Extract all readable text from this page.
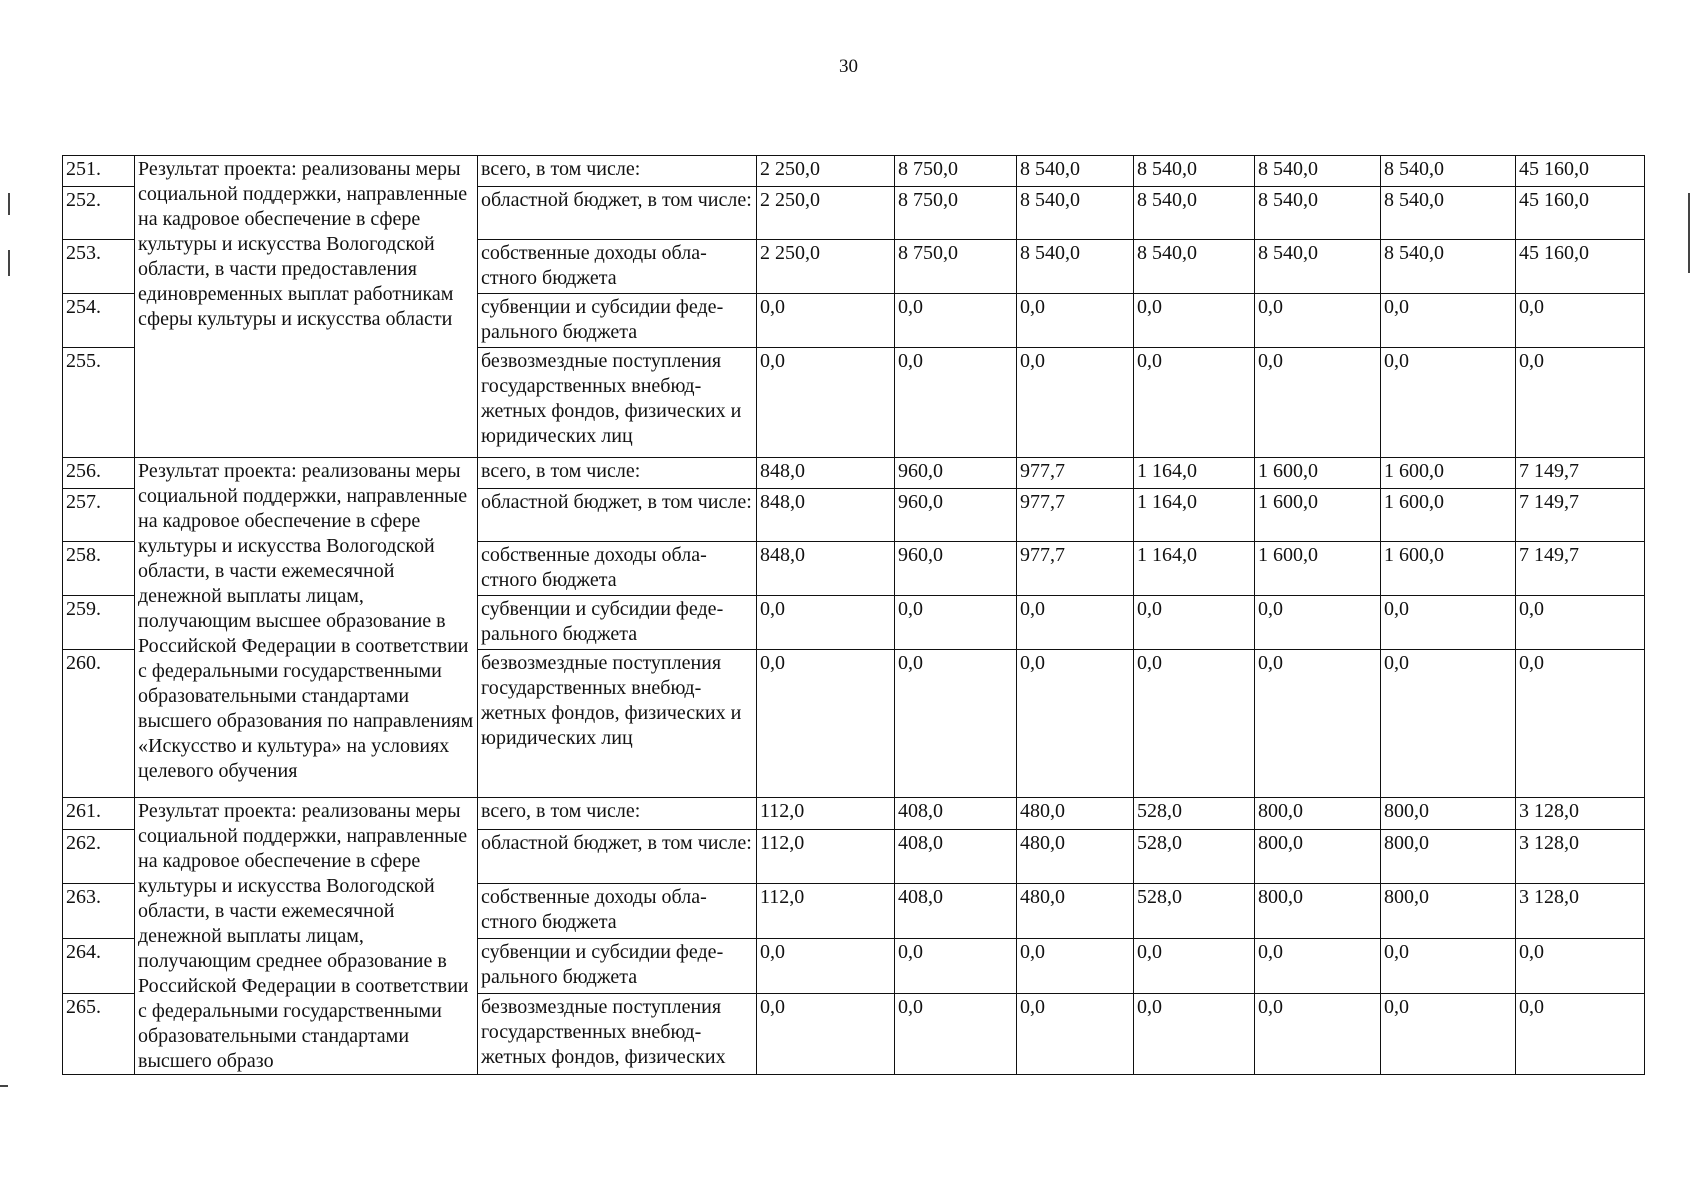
30
251.	Результат проекта: реализованы меры социальной поддержки, направленные на кадровое обеспечение в сфере культуры и искусства Вологодской области, в части предоставления единовременных выплат работникам сферы культуры и искусства области	всего, в том числе:	2 250,0	8 750,0	8 540,0	8 540,0	8 540,0	8 540,0	45 160,0
252.		областной бюджет, в том числе:	2 250,0	8 750,0	8 540,0	8 540,0	8 540,0	8 540,0	45 160,0
253.		собственные доходы областного бюджета	2 250,0	8 750,0	8 540,0	8 540,0	8 540,0	8 540,0	45 160,0
254.		субвенции и субсидии федерального бюджета	0,0	0,0	0,0	0,0	0,0	0,0	0,0
255.		безвозмездные поступления государственных внебюджетных фондов, физических и юридических лиц	0,0	0,0	0,0	0,0	0,0	0,0	0,0
256.	Результат проекта: реализованы меры социальной поддержки, направленные на кадровое обеспечение в сфере культуры и искусства Вологодской области, в части ежемесячной денежной выплаты лицам, получающим высшее образование в Российской Федерации в соответствии с федеральными государственными образовательными стандартами высшего образования по направлениям «Искусство и культура» на условиях целевого обучения	всего, в том числе:	848,0	960,0	977,7	1 164,0	1 600,0	1 600,0	7 149,7
257.		областной бюджет, в том числе:	848,0	960,0	977,7	1 164,0	1 600,0	1 600,0	7 149,7
258.		собственные доходы областного бюджета	848,0	960,0	977,7	1 164,0	1 600,0	1 600,0	7 149,7
259.		субвенции и субсидии федерального бюджета	0,0	0,0	0,0	0,0	0,0	0,0	0,0
260.		безвозмездные поступления государственных внебюджетных фондов, физических и юридических лиц	0,0	0,0	0,0	0,0	0,0	0,0	0,0
261.	Результат проекта: реализованы меры социальной поддержки, направленные на кадровое обеспечение в сфере культуры и искусства Вологодской области, в части ежемесячной денежной выплаты лицам, получающим среднее образование в Российской Федерации в соответствии с федеральными государственными образовательными стандартами высшего образо	всего, в том числе:	112,0	408,0	480,0	528,0	800,0	800,0	3 128,0
262.		областной бюджет, в том числе:	112,0	408,0	480,0	528,0	800,0	800,0	3 128,0
263.		собственные доходы областного бюджета	112,0	408,0	480,0	528,0	800,0	800,0	3 128,0
264.		субвенции и субсидии федерального бюджета	0,0	0,0	0,0	0,0	0,0	0,0	0,0
265.		безвозмездные поступления государственных внебюджетных фондов, физических	0,0	0,0	0,0	0,0	0,0	0,0	0,0
